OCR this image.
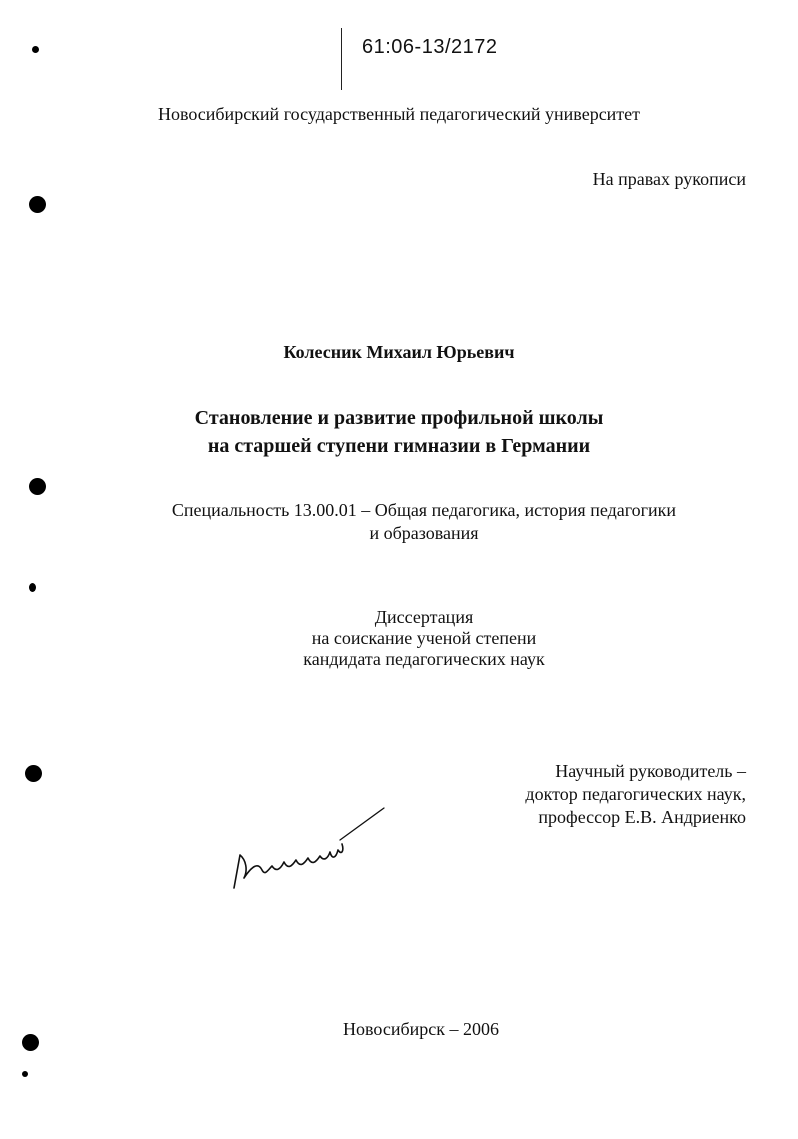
61:06-13/2172
Новосибирский государственный педагогический университет
На правах рукописи
Колесник Михаил Юрьевич
Становление и развитие профильной школы
на старшей ступени гимназии в Германии
Специальность 13.00.01 – Общая педагогика, история педагогики
и образования
Диссертация
на соискание ученой степени
кандидата педагогических наук
Научный руководитель –
доктор педагогических наук,
профессор Е.В. Андриенко
Новосибирск – 2006
